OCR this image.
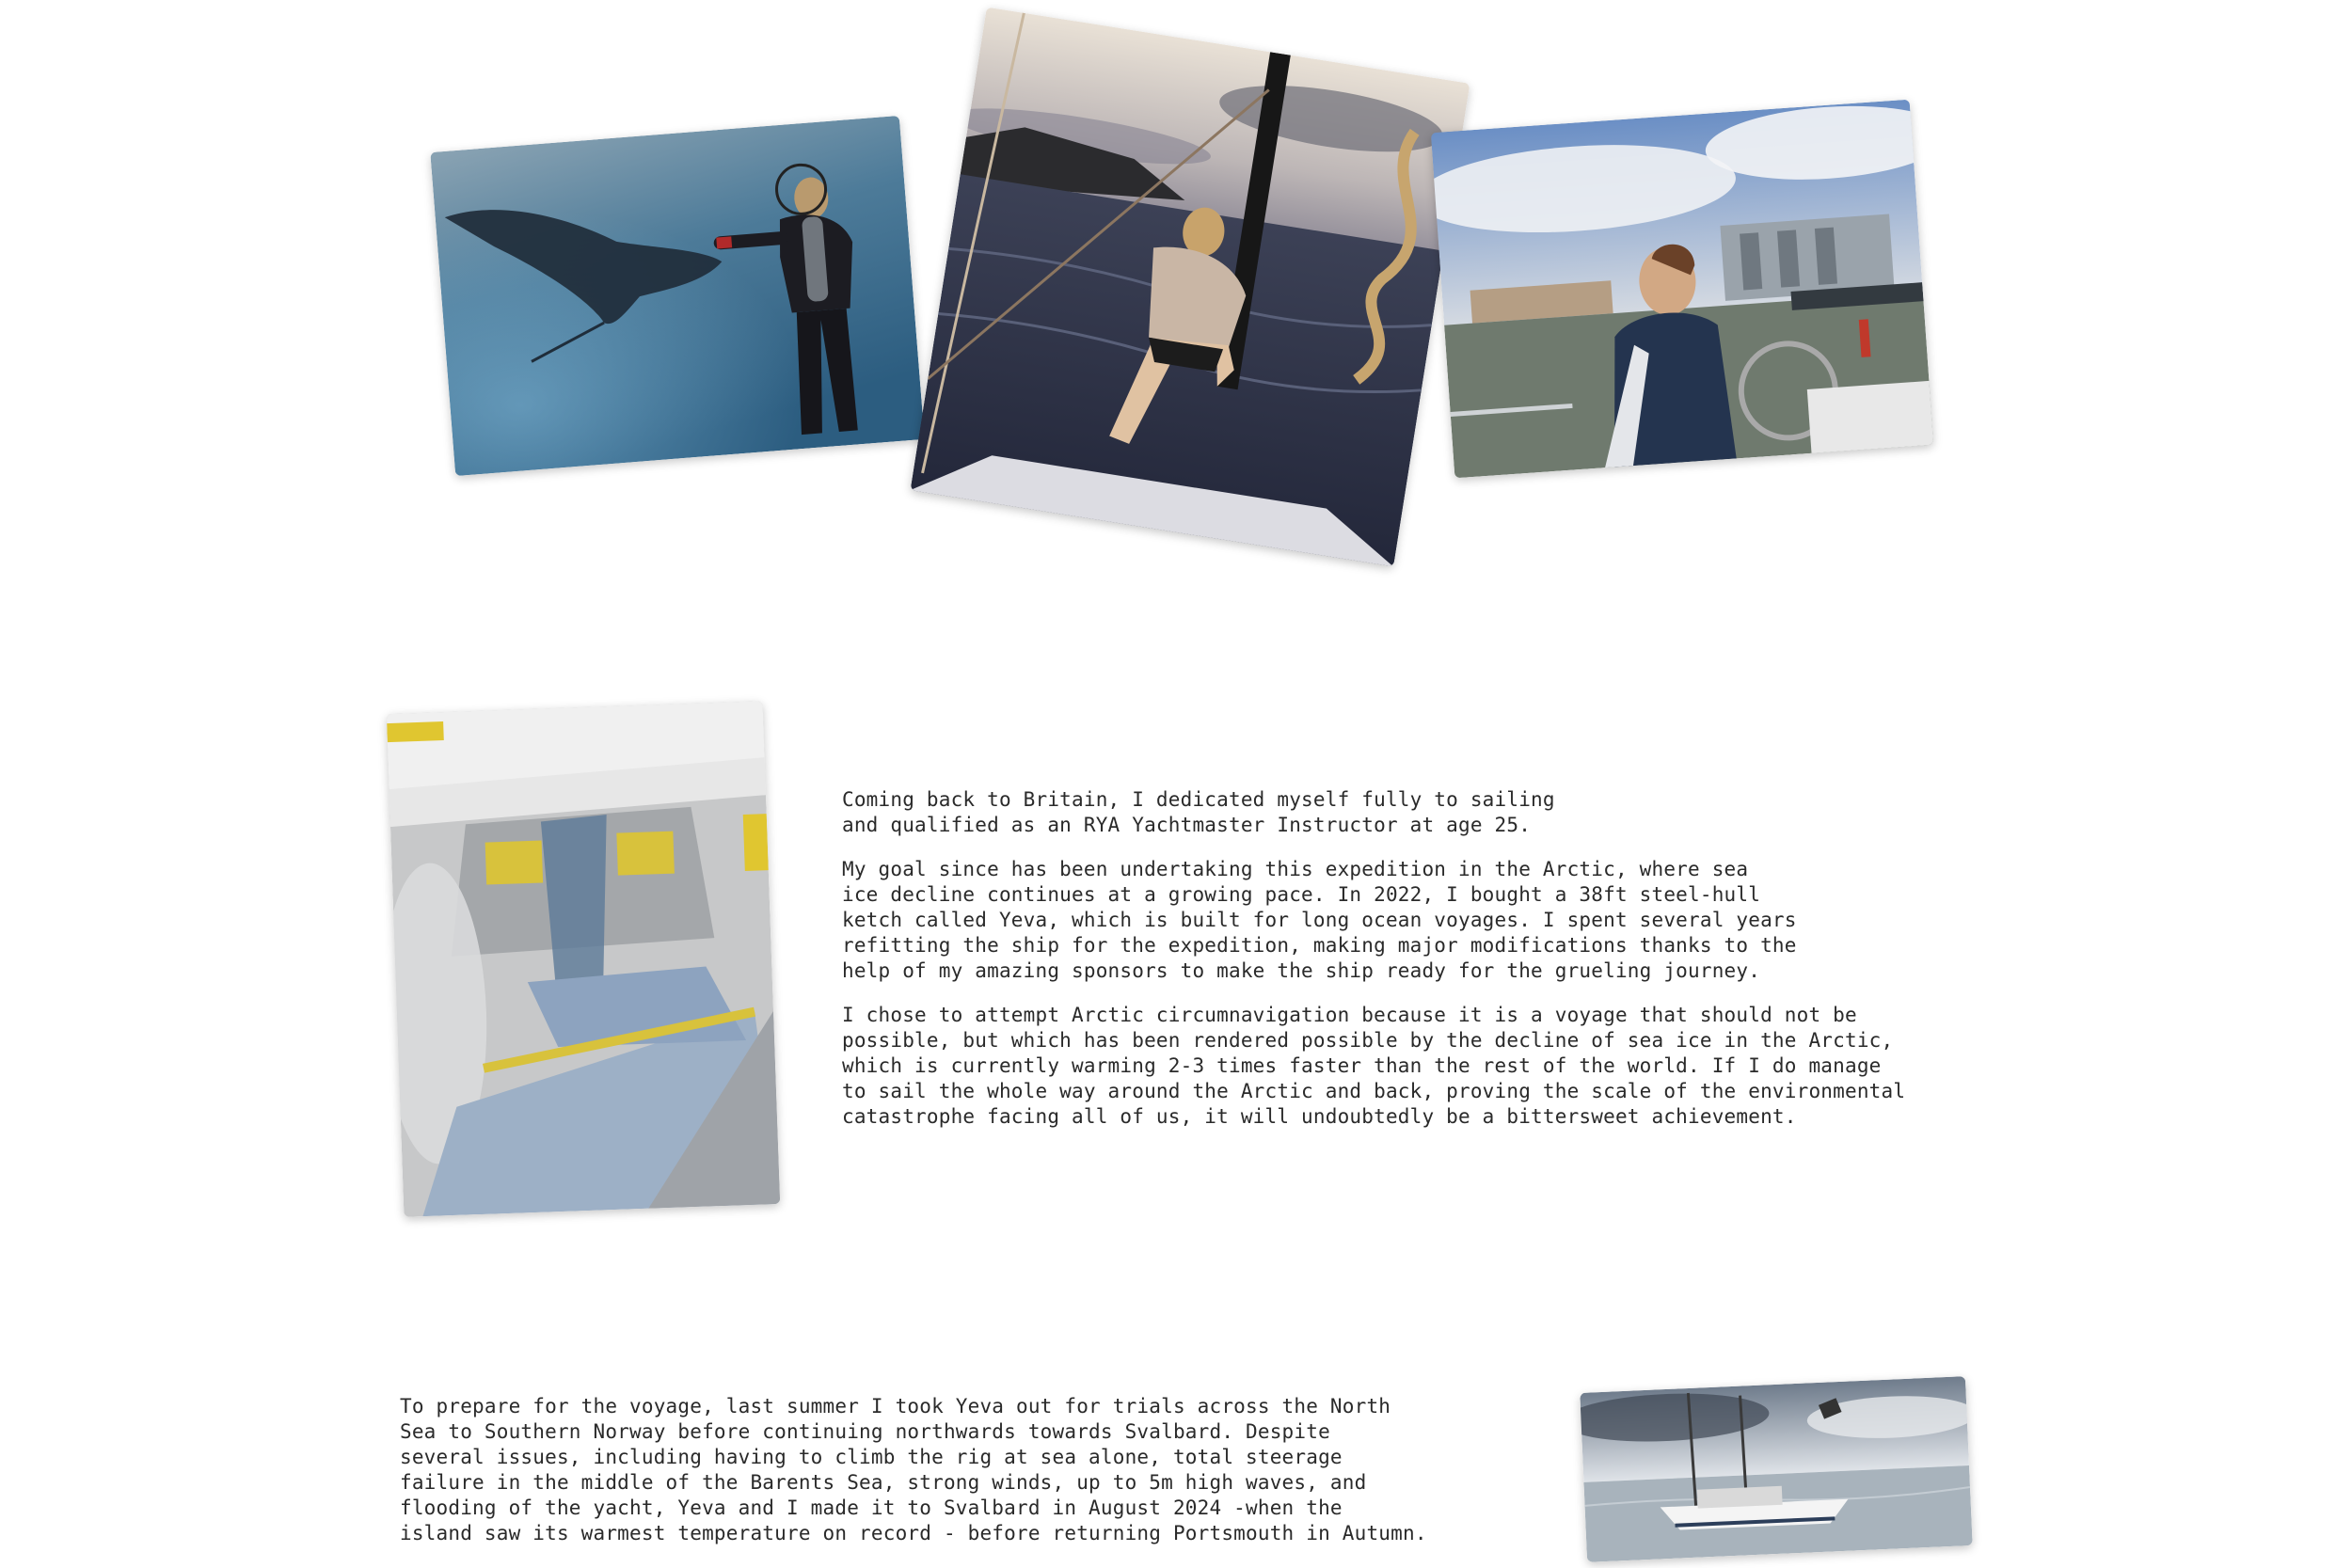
Coming back to Britain, I dedicated myself fully to sailing
and qualified as an RYA Yachtmaster Instructor at age 25.

My goal since has been undertaking this expedition in the Arctic, where sea
ice decline continues at a growing pace. In 2022, I bought a 38ft steel-hull
ketch called Yeva, which is built for long ocean voyages. I spent several years
refitting the ship for the expedition, making major modifications thanks to the
help of my amazing sponsors to make the ship ready for the grueling journey.

I chose to attempt Arctic circumnavigation because it is a voyage that should not be
possible, but which has been rendered possible by the decline of sea ice in the Arctic,
which is currently warming 2-3 times faster than the rest of the world. If I do manage
to sail the whole way around the Arctic and back, proving the scale of the environmental
catastrophe facing all of us, it will undoubtedly be a bittersweet achievement.

To prepare for the voyage, last summer I took Yeva out for trials across the North
Sea to Southern Norway before continuing northwards towards Svalbard. Despite
several issues, including having to climb the rig at sea alone, total steerage
failure in the middle of the Barents Sea, strong winds, up to 5m high waves, and
flooding of the yacht, Yeva and I made it to Svalbard in August 2024 -when the
island saw its warmest temperature on record - before returning Portsmouth in Autumn.
